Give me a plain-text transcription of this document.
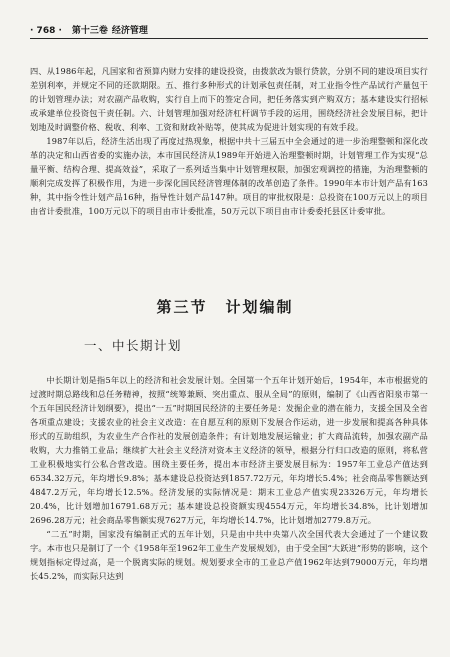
· 768 · 第十三卷 经济管理

四、从1986年起，凡国家和省预算内财力安排的建设投资，由拨款改为银行贷款，分别不同的建设项目实行差别利率，并规定不同的还款期限。五、推行多种形式的计划承包责任制，对工业指令性产品试行产量包干的计划管理办法；对农副产品收购，实行自上而下的签定合同，把任务落实到产购双方；基本建设实行招标或承建单位投资包干责任制。六、计划管理加强对经济杠杆调节手段的运用，围绕经济社会发展目标，把计划地及时调整价格、税收、利率、工资和财政补贴等，使其成为促进计划实现的有效手段。

1987年以后，经济生活出现了再度过热现象，根据中共十三届五中全会通过的进一步治理整顿和深化改革的决定和山西省委的实施办法，本市国民经济从1989年开始进入治理整顿时期，计划管理工作为实现“总量平衡、结构合理、提高效益”，采取了一系列适当集中计划管理权限，加强宏观调控的措施，为治理整顿的顺利完成发挥了积极作用，为进一步深化国民经济管理体制的改革创造了条件。1990年本市计划产品有163种，其中指令性计划产品16种，指导性计划产品147种。项目的审批权限是：总投资在100万元以上的项目由省计委批准，100万元以下的项目由市计委批准，50万元以下项目由市计委委托县区计委审批。

第三节 计划编制
一、中长期计划

中长期计划是指5年以上的经济和社会发展计划。全国第一个五年计划开始后，1954年，本市根据党的过渡时期总路线和总任务精神，按照“统筹兼顾、突出重点、服从全局”的原则，编制了《山西省阳泉市第一个五年国民经济计划纲要》，提出“一五”时期国民经济的主要任务是：发掘企业的潜在能力，支援全国及全省各项重点建设；支援农业的社会主义改造：在自愿互利的原则下发展合作运动，进一步发展和提高各种具体形式的互助组织，为农业生产合作社的发展创造条件；有计划地发展运输业；扩大商品流转，加强农副产品收购，大力推销工业品；继续扩大社会主义经济对资本主义经济的领导，根据分行归口改造的原则，将私营工业积极地实行公私合营改造。围绕主要任务，提出本市经济主要发展目标为：1957年工业总产值达到6534.32万元，年均增长9.8%；基本建设总投资达到1857.72万元，年均增长5.4%；社会商品零售额达到4847.2万元，年均增长12.5%。经济发展的实际情况是：期末工业总产值实现23326万元，年均增长20.4%，比计划增加16791.68万元；基本建设总投资额实现4554万元，年均增长34.8%，比计划增加2696.28万元；社会商品零售额实现7627万元，年均增长14.7%，比计划增加2779.8万元。

“二五”时期，国家没有编制正式的五年计划，只是由中共中央第八次全国代表大会通过了一个建议数字。本市也只是制订了一个《1958年至1962年工业生产发展规划》，由于受全国“大跃进”形势的影响，这个规划指标定得过高，是一个脱离实际的规划。规划要求全市的工业总产值1962年达到79000万元，年均增长45.2%，而实际只达到
